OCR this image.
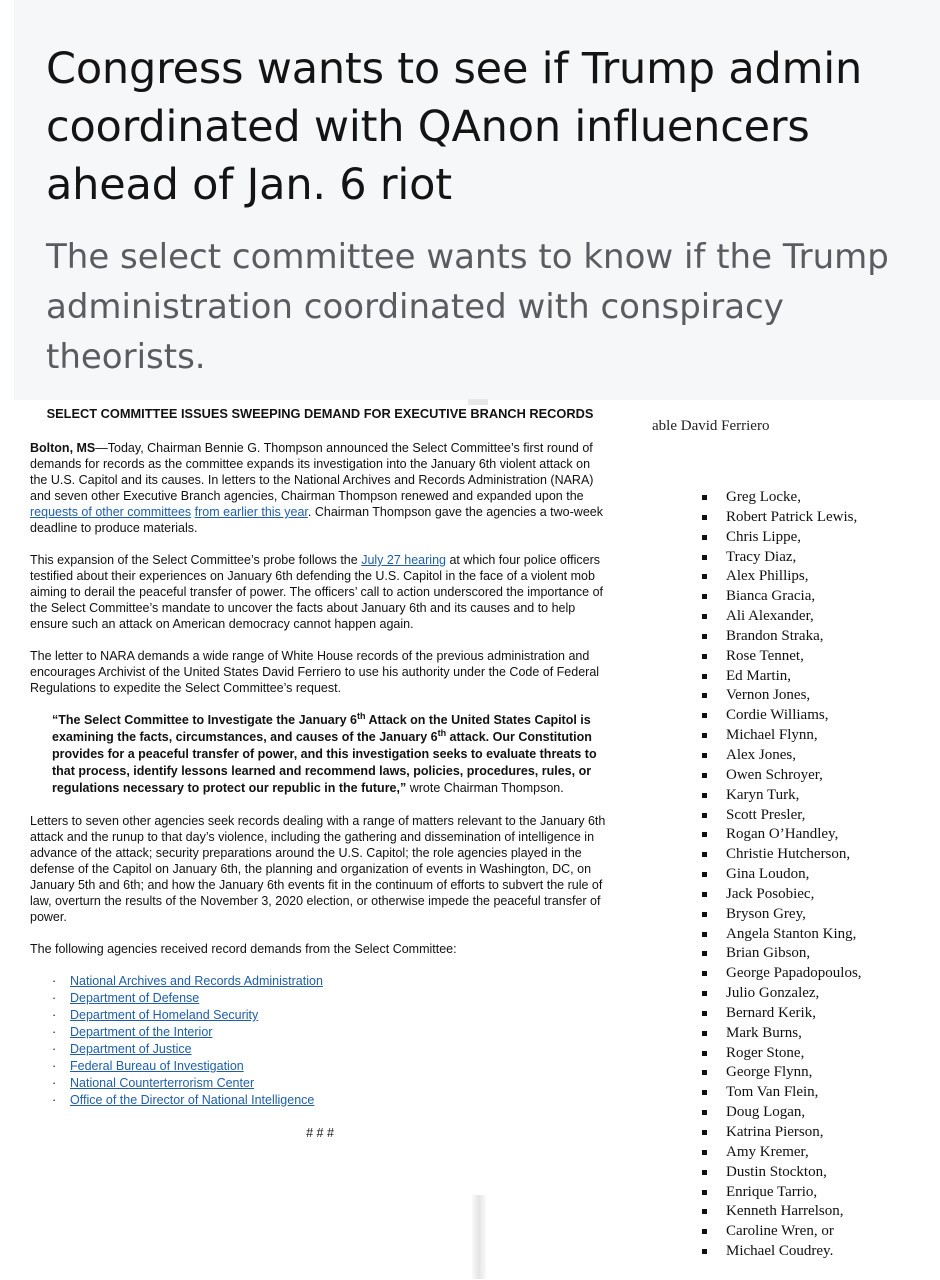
Congress wants to see if Trump admin coordinated with QAnon influencers ahead of Jan. 6 riot
The select committee wants to know if the Trump administration coordinated with conspiracy theorists.
SELECT COMMITTEE ISSUES SWEEPING DEMAND FOR EXECUTIVE BRANCH RECORDS

Bolton, MS—Today, Chairman Bennie G. Thompson announced the Select Committee’s first round of demands for records as the committee expands its investigation into the January 6th violent attack on the U.S. Capitol and its causes. In letters to the National Archives and Records Administration (NARA) and seven other Executive Branch agencies, Chairman Thompson renewed and expanded upon the requests of other committees from earlier this year. Chairman Thompson gave the agencies a two-week deadline to produce materials.

This expansion of the Select Committee’s probe follows the July 27 hearing at which four police officers testified about their experiences on January 6th defending the U.S. Capitol in the face of a violent mob aiming to derail the peaceful transfer of power. The officers’ call to action underscored the importance of the Select Committee’s mandate to uncover the facts about January 6th and its causes and to help ensure such an attack on American democracy cannot happen again.

The letter to NARA demands a wide range of White House records of the previous administration and encourages Archivist of the United States David Ferriero to use his authority under the Code of Federal Regulations to expedite the Select Committee’s request.

“The Select Committee to Investigate the January 6th Attack on the United States Capitol is examining the facts, circumstances, and causes of the January 6th attack. Our Constitution provides for a peaceful transfer of power, and this investigation seeks to evaluate threats to that process, identify lessons learned and recommend laws, policies, procedures, rules, or regulations necessary to protect our republic in the future,” wrote Chairman Thompson.

Letters to seven other agencies seek records dealing with a range of matters relevant to the January 6th attack and the runup to that day’s violence, including the gathering and dissemination of intelligence in advance of the attack; security preparations around the U.S. Capitol; the role agencies played in the defense of the Capitol on January 6th, the planning and organization of events in Washington, DC, on January 5th and 6th; and how the January 6th events fit in the continuum of efforts to subvert the rule of law, overturn the results of the November 3, 2020 election, or otherwise impede the peaceful transfer of power.

The following agencies received record demands from the Select Committee:

· National Archives and Records Administration
· Department of Defense
· Department of Homeland Security
· Department of the Interior
· Department of Justice
· Federal Bureau of Investigation
· National Counterterrorism Center
· Office of the Director of National Intelligence
# # #
able David Ferriero
Greg Locke,
Robert Patrick Lewis,
Chris Lippe,
Tracy Diaz,
Alex Phillips,
Bianca Gracia,
Ali Alexander,
Brandon Straka,
Rose Tennet,
Ed Martin,
Vernon Jones,
Cordie Williams,
Michael Flynn,
Alex Jones,
Owen Schroyer,
Karyn Turk,
Scott Presler,
Rogan O’Handley,
Christie Hutcherson,
Gina Loudon,
Jack Posobiec,
Bryson Grey,
Angela Stanton King,
Brian Gibson,
George Papadopoulos,
Julio Gonzalez,
Bernard Kerik,
Mark Burns,
Roger Stone,
George Flynn,
Tom Van Flein,
Doug Logan,
Katrina Pierson,
Amy Kremer,
Dustin Stockton,
Enrique Tarrio,
Kenneth Harrelson,
Caroline Wren, or
Michael Coudrey.
